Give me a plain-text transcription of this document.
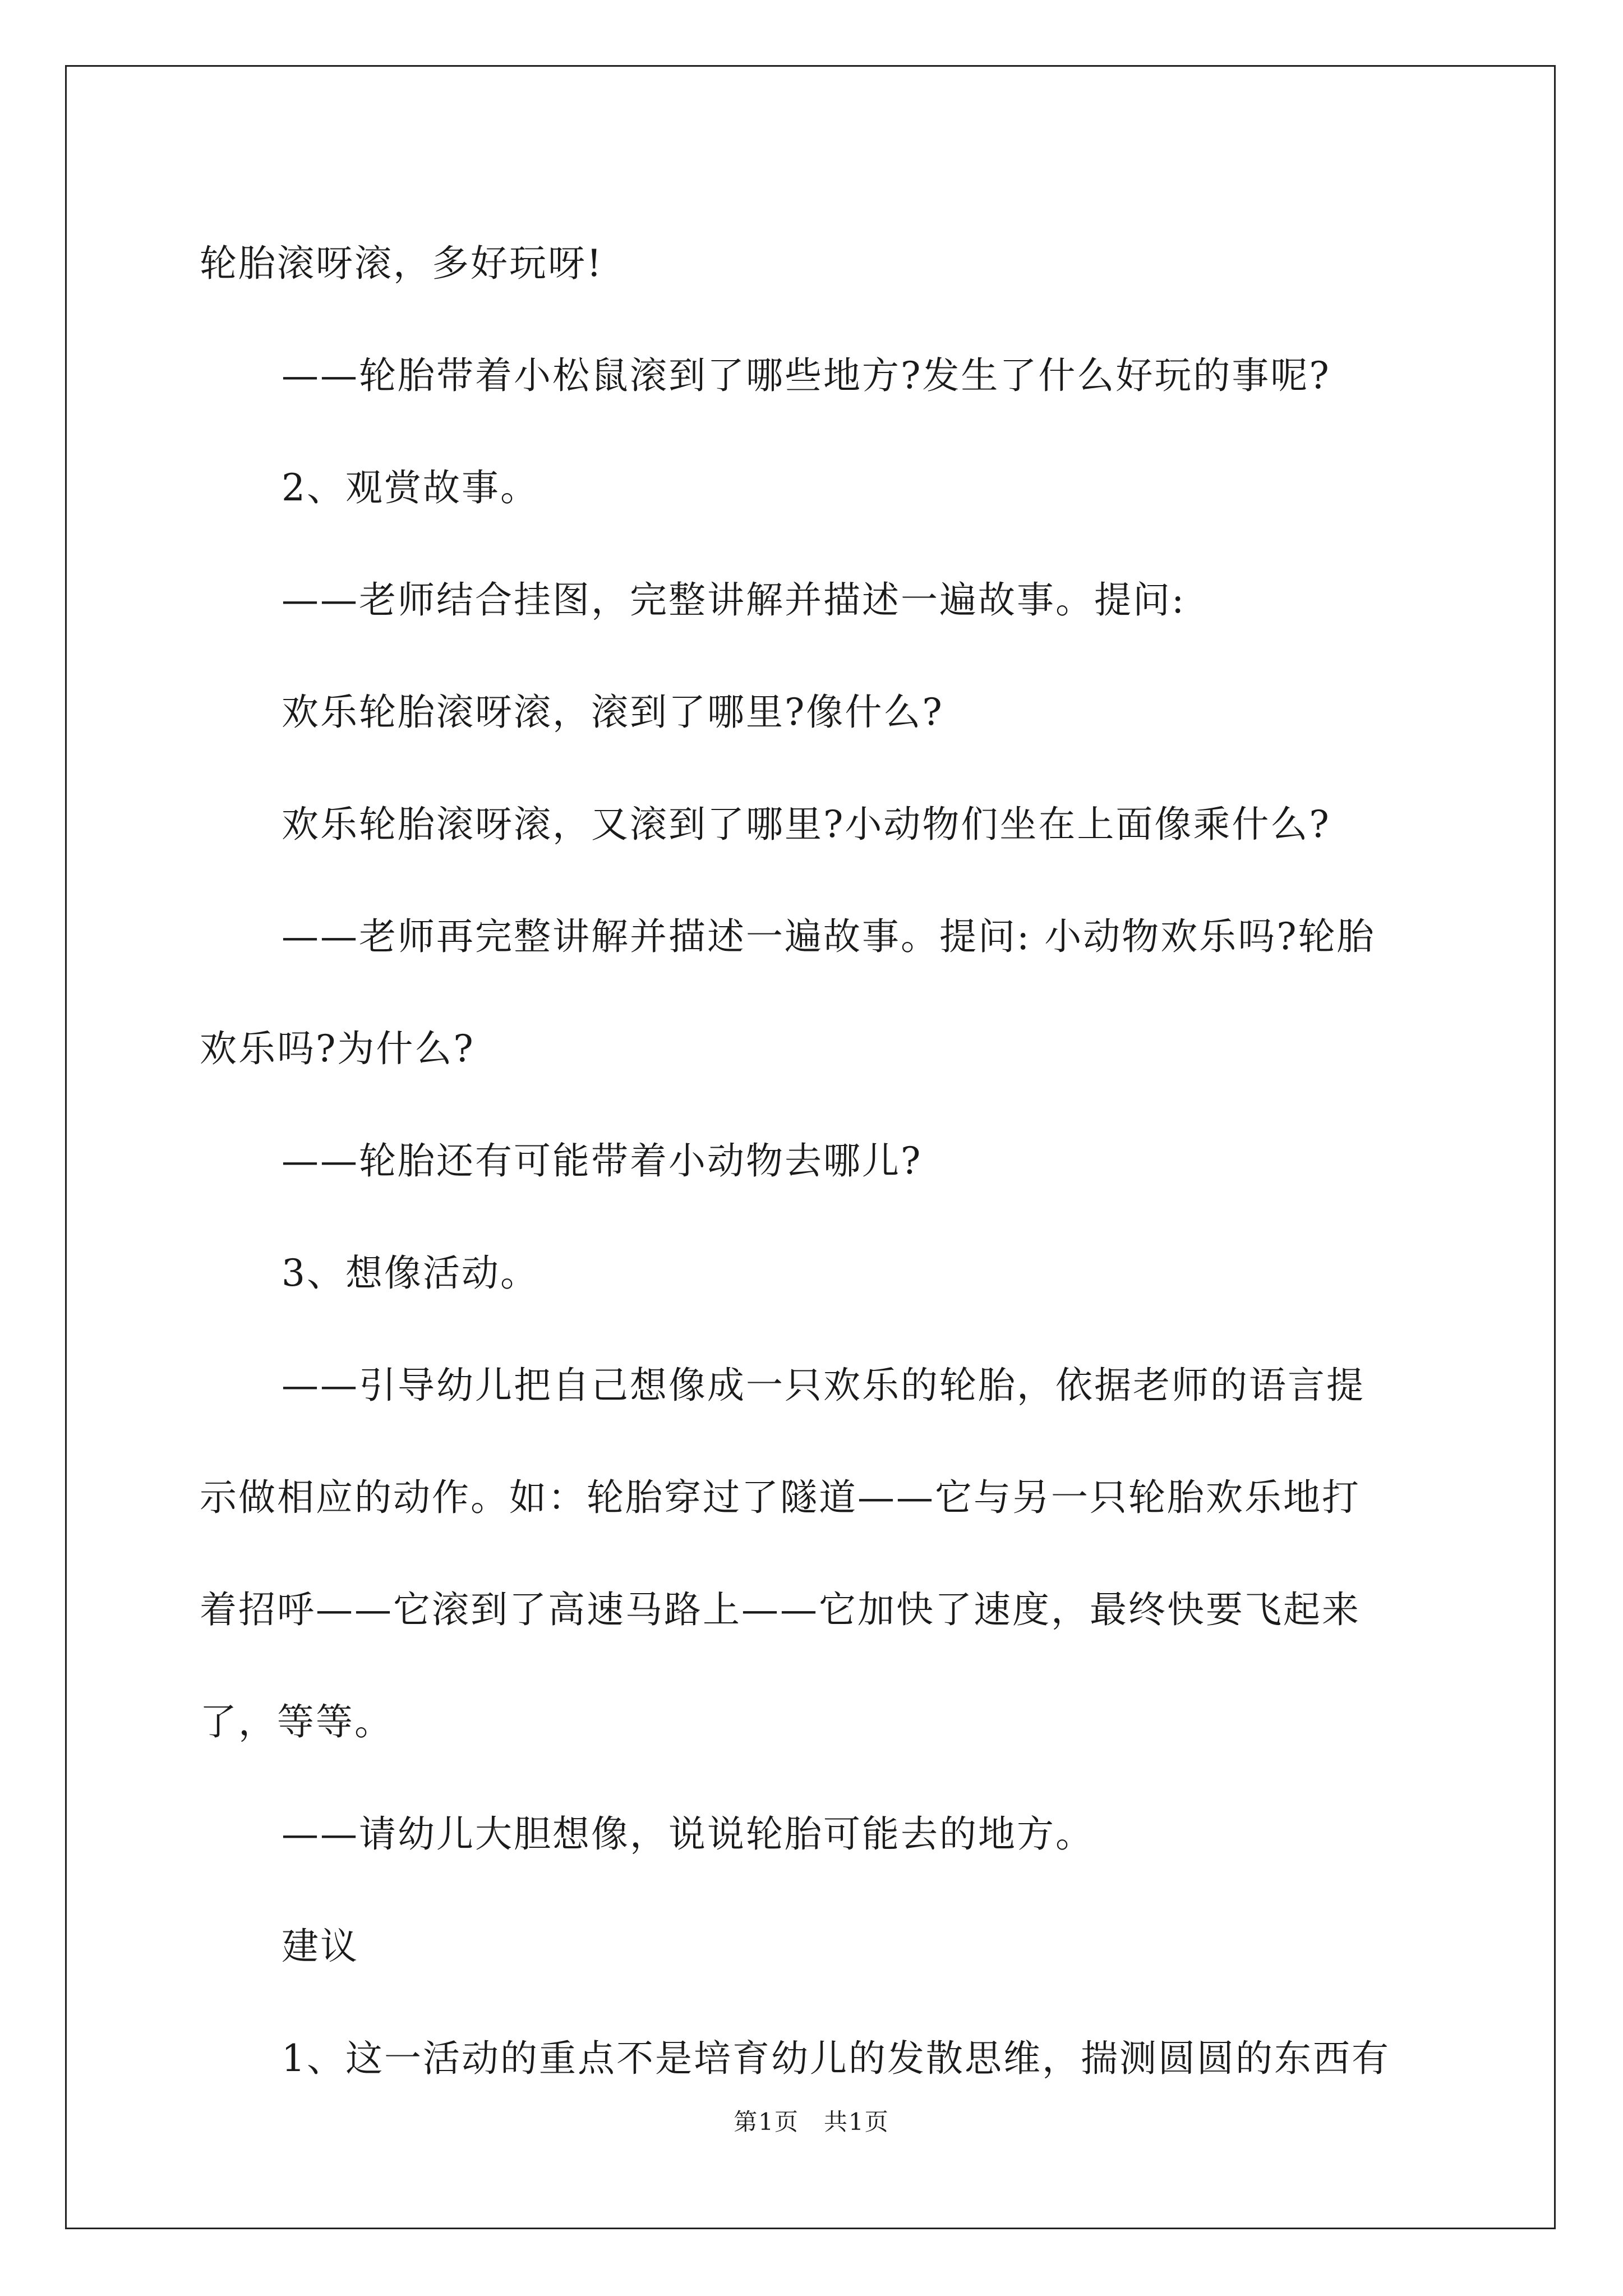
轮胎滚呀滚，多好玩呀!

——轮胎带着小松鼠滚到了哪些地方?发生了什么好玩的事呢?

2、观赏故事。

——老师结合挂图，完整讲解并描述一遍故事。提问:

欢乐轮胎滚呀滚，滚到了哪里?像什么?

欢乐轮胎滚呀滚，又滚到了哪里?小动物们坐在上面像乘什么?

——老师再完整讲解并描述一遍故事。提问: 小动物欢乐吗?轮胎

欢乐吗?为什么?

——轮胎还有可能带着小动物去哪儿?

3、想像活动。

——引导幼儿把自己想像成一只欢乐的轮胎，依据老师的语言提

示做相应的动作。如：轮胎穿过了隧道——它与另一只轮胎欢乐地打

着招呼——它滚到了高速马路上——它加快了速度，最终快要飞起来

了，等等。

——请幼儿大胆想像，说说轮胎可能去的地方。

建议

1、这一活动的重点不是培育幼儿的发散思维，揣测圆圆的东西有

第1页　共1页
